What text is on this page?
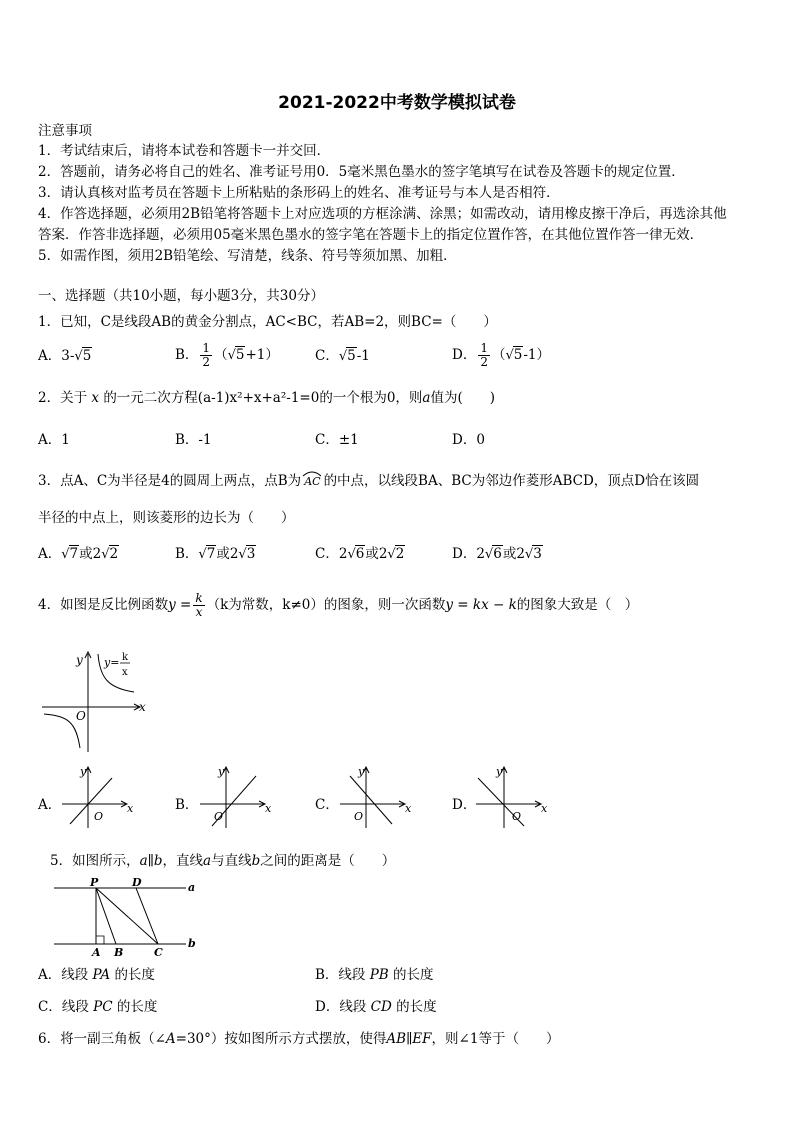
2021-2022中考数学模拟试卷
注意事项
1．考试结束后，请将本试卷和答题卡一并交回．
2．答题前，请务必将自己的姓名、准考证号用0．5毫米黑色墨水的签字笔填写在试卷及答题卡的规定位置．
3．请认真核对监考员在答题卡上所粘贴的条形码上的姓名、准考证号与本人是否相符．
4．作答选择题，必须用2B铅笔将答题卡上对应选项的方框涂满、涂黑；如需改动，请用橡皮擦干净后，再选涂其他
答案．作答非选择题，必须用05毫米黑色墨水的签字笔在答题卡上的指定位置作答，在其他位置作答一律无效．
5．如需作图，须用2B铅笔绘、写清楚，线条、符号等须加黑、加粗．
一、选择题（共10小题，每小题3分，共30分）
1．已知，C是线段AB的黄金分割点，AC<BC，若AB=2，则BC=（　　）
A．3-√5	B． $\frac{1}{2} (√5+1)$	C．√5-1	D． $\frac{1}{2} (√5-1)$
2．关于 x 的一元二次方程(a-1)x²+x+a²-1=0的一个根为0，则a值为(　　)
A．1	B．-1	C．±1	D．0
3．点A、C为半径是4的圆周上两点，点B为 AC 的中点，以线段BA、BC为邻边作菱形ABCD，顶点D恰在该圆
半径的中点上，则该菱形的边长为（　　）
A．√7或2√2	B．√7或2√3	C．2√6或2√2	D．2√6或2√3
4．如图是反比例函数$y = \frac{k}{x} (k$为常数，k≠0）的图象，则一次函数y = kx − k的图象大致是（　）
y
x
O
y= k
x
A．
y
x
O
B．
y
x
O
C．
y
x
O
D．
y
x
O
5．如图所示，a∥b，直线a与直线b之间的距离是（　　）
P	D
A B	C
a
b
A．线段 PA 的长度	B．线段 PB 的长度
C．线段 PC 的长度	D．线段 CD 的长度
6．将一副三角板（∠A=30°）按如图所示方式摆放，使得AB∥EF，则∠1等于（　　）
